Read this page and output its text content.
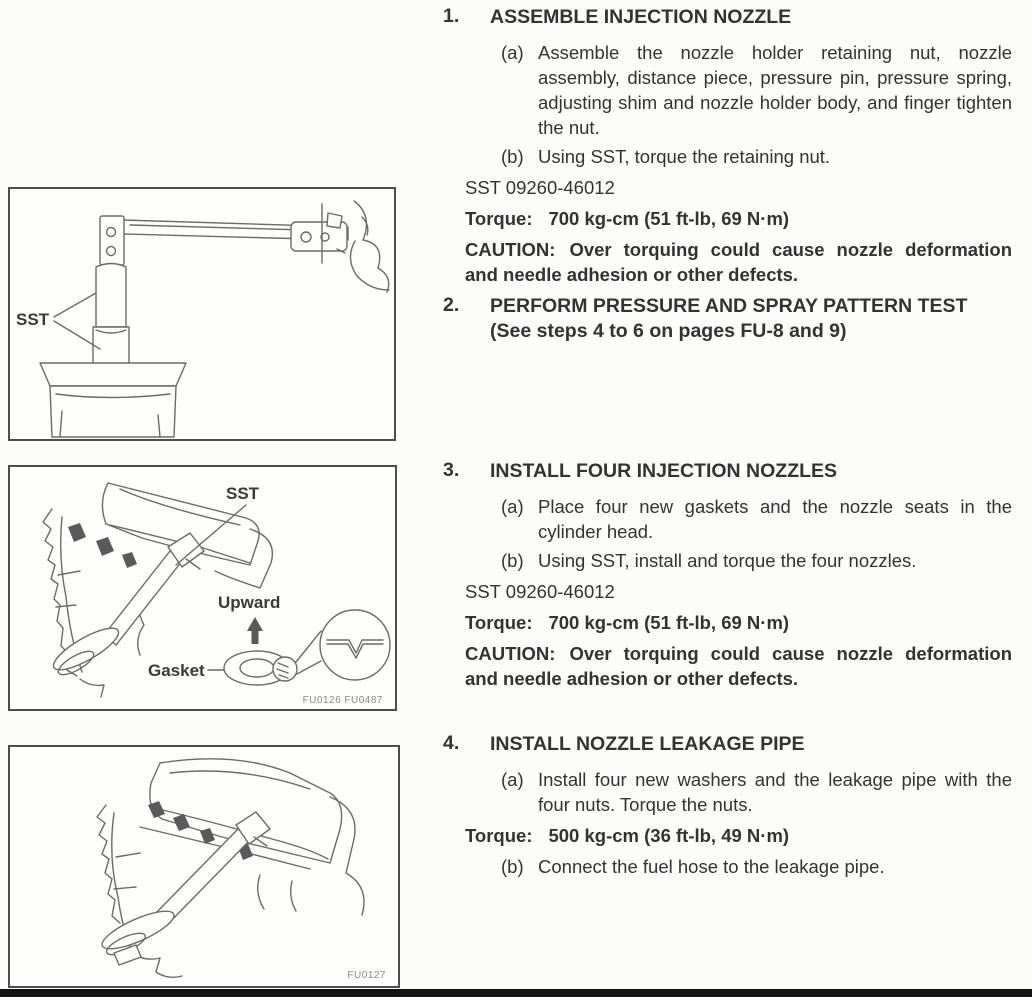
SST
SST
Upward
Gasket
FU0126 FU0487
FU0127
1. ASSEMBLE INJECTION NOZZLE
(a) Assemble the nozzle holder retaining nut, nozzle assembly, distance piece, pressure pin, pressure spring, adjusting shim and nozzle holder body, and finger tighten the nut.
(b) Using SST, torque the retaining nut.
SST 09260-46012
Torque: 700 kg-cm (51 ft-lb, 69 N·m)
CAUTION: Over torquing could cause nozzle deformation and needle adhesion or other defects.
2. PERFORM PRESSURE AND SPRAY PATTERN TEST
(See steps 4 to 6 on pages FU-8 and 9)
3. INSTALL FOUR INJECTION NOZZLES
(a) Place four new gaskets and the nozzle seats in the cylinder head.
(b) Using SST, install and torque the four nozzles.
SST 09260-46012
Torque: 700 kg-cm (51 ft-lb, 69 N·m)
CAUTION: Over torquing could cause nozzle deformation and needle adhesion or other defects.
4. INSTALL NOZZLE LEAKAGE PIPE
(a) Install four new washers and the leakage pipe with the four nuts. Torque the nuts.
Torque: 500 kg-cm (36 ft-lb, 49 N·m)
(b) Connect the fuel hose to the leakage pipe.
